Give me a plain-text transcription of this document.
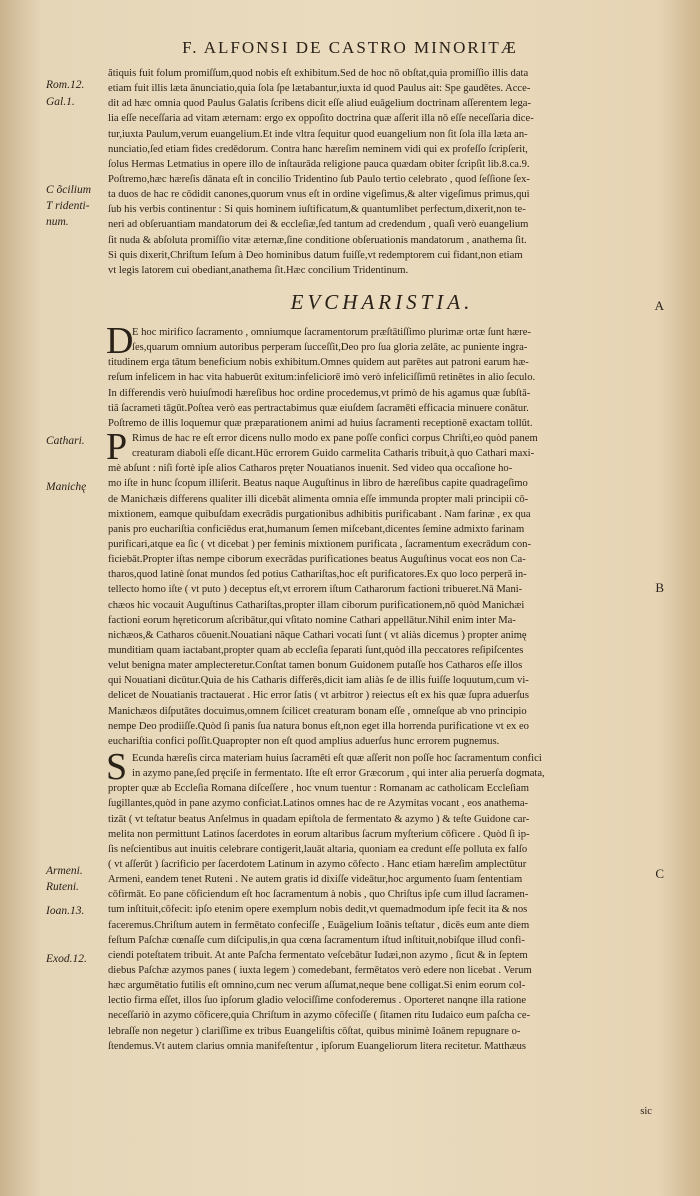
F. ALFONSI DE CASTRO MINORITÆ
Rom.12.
Gal.1.
C õcilium
T ridenti-
num.
Cathari.
Manichę
Armeni.
Ruteni.
Ioan.13.
Exod.12.
A
B
C
ătiquis fuit folum promiſſum,quod nobis eſt exhibitum.Sed de hoc nō obſtat,quia promiſſio illis data
etiam fuit illis læta ānunciatio,quia ſola ſpe lætabantur,iuxta id quod Paulus ait: Spe gaudētes. Acce-
dit ad hæc omnia quod Paulus Galatis ſcribens dicit eſſe aliud euāgelium doctrinam aſſerentem lega-
lia eſſe neceſſaria ad vitam æternam: ergo ex oppoſito doctrina quæ aſſerit illa nō eſſe neceſſaria dice-
tur,iuxta Paulum,verum euangelium.Et inde vltra ſequitur quod euangelium non ſit ſola illa læta an-
nunciatio,ſed etiam fides credēdorum. Contra hanc hæreſim neminem vidi qui ex profeſſo ſcripſerit,
ſolus Hermas Letmatius in opere illo de inſtaurāda religione pauca quædam obiter ſcripſit lib.8.ca.9.
Poſtremo,hæc hæreſis dānata eſt in concilio Tridentino ſub Paulo tertio celebrato , quod ſeſſione ſex-
ta duos de hac re cōdidit canones,quorum vnus eſt in ordine vigeſimus,& alter vigeſimus primus,qui
ſub his verbis continentur : Si quis hominem iuſtificatum,& quantumlibet perfectum,dixerit,non te-
neri ad obſeruantiam mandatorum dei & eccleſiæ,ſed tantum ad credendum , quaſi verò euangelium
ſit nuda & abſoluta promiſſio vitæ æternæ,ſine conditione obſeruationis mandatorum , anathema ſit.
Si quis dixerit,Chriſtum Ieſum à Deo hominibus datum fuiſſe,vt redemptorem cui fidant,non etiam
vt legis latorem cui obediant,anathema ſit.Hæc concilium Tridentinum.
EVCHARISTIA.
D
E hoc mirifico ſacramento , omniumque ſacramentorum præſtātiſſimo plurimæ ortæ ſunt hære-
ſes,quarum omnium autoribus perperam ſucceſſit,Deo pro ſua gloria zelāte, ac puniente ingra-
titudinem erga tātum beneficium nobis exhibitum.Omnes quidem aut parētes aut patroni earum hæ-
reſum infelicem in hac vita habuerūt exitum:infeliciorē imò verò infeliciſſimū retinētes in alio ſeculo.
In differendis verò huiuſmodi hæreſibus hoc ordine procedemus,vt primò de his agamus quæ ſubſtā-
tiā ſacrameti tāgūt.Poſtea verò eas pertractabimus quæ eiuſdem ſacramēti efficacia minuere conātur.
Poſtremo de illis loquemur quæ præparationem animi ad huius ſacramenti receptionē exactam tollūt.
P Rimus de hac re eſt error dicens nullo modo ex pane poſſe confici corpus Chriſti,eo quòd panem
creaturam diaboli eſſe dicant.Hūc errorem Guido carmelita Catharis tribuit,à quo Cathari maxi-
mè abſunt : niſi fortè ipſe alios Catharos pręter Nouatianos inuenit. Sed video qua occaſione ho-
mo iſte in hunc ſcopum illiſerit. Beatus naque Auguſtinus in libro de hæreſibus capite quadrageſimo
de Manichæis differens qualiter illi dicebāt alimenta omnia eſſe immunda propter mali principii cō-
mixtionem, eamque quibuſdam execrādis purgationibus adhibitis purificabant . Nam farinæ , ex qua
panis pro euchariſtia conficiēdus erat,humanum ſemen miſcebant,dicentes ſemine admixto farinam
purificari,atque ea ſic ( vt dicebat ) per feminis mixtionem purificata , ſacramentum execrādum con-
ficiebāt.Propter iſtas nempe ciborum execrādas purificationes beatus Auguſtinus vocat eos non Ca-
tharos,quod latinè ſonat mundos ſed potius Cathariſtas,hoc eſt purificatores.Ex quo loco perperā in-
tellecto homo iſte ( vt puto ) deceptus eſt,vt errorem iſtum Catharorum factioni tribueret.Nā Mani-
chæos hic vocauit Auguſtinus Cathariſtas,propter illam ciborum purificationem,nō quòd Manichæi
factioni eorum hęreticorum aſcribātur,qui vſitato nomine Cathari appellātur.Nihil enim inter Ma-
nichæos,& Catharos cōuenit.Nouatiani nāque Cathari vocati ſunt ( vt aliàs dicemus ) propter animę
munditiam quam iactabant,propter quam ab eccleſia ſeparati ſunt,quòd illa peccatores reſipiſcentes
velut benigna mater amplecteretur.Conſtat tamen bonum Guidonem putaſſe hos Catharos eſſe illos
qui Nouatiani dicūtur.Quia de his Catharis differēs,dicit iam aliàs ſe de illis fuiſſe loquutum,cum vi-
delicet de Nouatianis tractauerat . Hic error ſatis ( vt arbitror ) reiectus eſt ex his quæ ſupra aduerſus
Manichæos diſputātes docuimus,omnem ſcilicet creaturam bonam eſſe , omneſque ab vno principio
nempe Deo prodiiſſe.Quòd ſi panis ſua natura bonus eſt,non eget illa horrenda purificatione vt ex eo
euchariſtia confici poſſit.Quapropter non eſt quod amplius aduerſus hunc errorem pugnemus.
S Ecunda hæreſis circa materiam huius ſacramēti eſt quæ aſſerit non poſſe hoc ſacramentum confici
in azymo pane,ſed pręciſe in fermentato. Iſte eſt error Græcorum , qui inter alia peruerſa dogmata,
propter quæ ab Eccleſia Romana diſceſſere , hoc vnum tuentur : Romanam ac catholicam Eccleſiam
ſugillantes,quòd in pane azymo conficiat.Latinos omnes hac de re Azymitas vocant , eos anathema-
tizāt ( vt teſtatur beatus Anſelmus in quadam epiſtola de fermentato & azymo ) & teſte Guidone car-
melita non permittunt Latinos ſacerdotes in eorum altaribus ſacrum myſterium cōficere . Quòd ſi ip-
ſis neſcientibus aut inuitis celebrare contigerit,lauāt altaria, quoniam ea credunt eſſe polluta ex falſo
( vt aſſerūt ) ſacrificio per ſacerdotem Latinum in azymo cōfecto . Hanc etiam hæreſim amplectūtur
Armeni, eandem tenet Ruteni . Ne autem gratis id dixiſſe videātur,hoc argumento ſuam ſententiam
cōfirmāt. Eo pane cōficiendum eſt hoc ſacramentum à nobis , quo Chriſtus ipſe cum illud ſacramen-
tum inſtituit,cōfecit: ipſo etenim opere exemplum nobis dedit,vt quemadmodum ipſe fecit ita & nos
faceremus.Chriſtum autem in fermētato confeciſſe , Euāgelium Ioānis teſtatur , dicēs eum ante diem
feſtum Paſchæ cœnaſſe cum diſcipulis,in qua cœna ſacramentum iſtud inſtituit,nobiſque illud confi-
ciendi poteſtatem tribuit. At ante Paſcha fermentato veſcebātur Iudæi,non azymo , ſicut & in ſeptem
diebus Paſchæ azymos panes ( iuxta legem ) comedebant, fermētatos verò edere non licebat . Verum
hæc argumētatio futilis eſt omnino,cum nec verum aſſumat,neque bene colligat.Si enim eorum col-
lectio firma eſſet, illos ſuo ipſorum gladio velociſſime confoderemus . Oporteret nanqne illa ratione
neceſſariò in azymo cōficere,quia Chriſtum in azymo cōfeciſſe ( ſitamen ritu Iudaico eum paſcha ce-
lebraſſe non negetur ) clariſſime ex tribus Euangeliſtis cōſtat, quibus minimè Ioānem repugnare o-
ſtendemus.Vt autem clarius omnia manifeſtentur , ipſorum Euangeliorum litera recitetur. Matthæus
sic
